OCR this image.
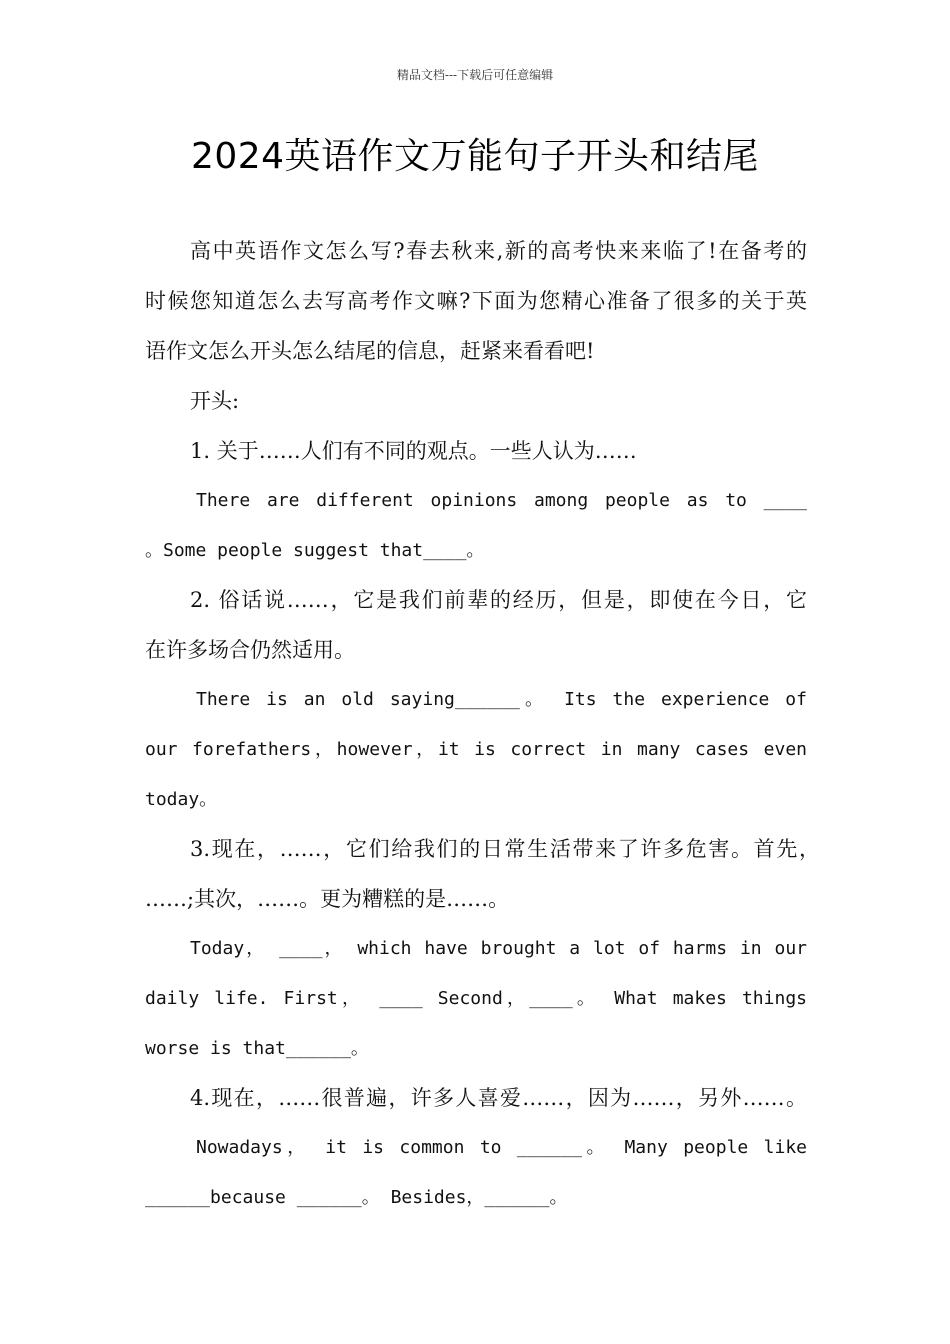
精品文档---下载后可任意编辑
2024英语作文万能句子开头和结尾
高中英语作文怎么写?春去秋来,新的高考快来来临了!在备考的
时候您知道怎么去写高考作文嘛?下面为您精心准备了很多的关于英
语作文怎么开头怎么结尾的信息，赶紧来看看吧!
开头:
1. 关于……人们有不同的观点。一些人认为……
There are different opinions among people as to ____
。Some people suggest that____。
2. 俗话说……，它是我们前辈的经历，但是，即使在今日，它
在许多场合仍然适用。
There is an old saying______。 Its the experience of
our forefathers，however，it is correct in many cases even
today。
3.现在，……，它们给我们的日常生活带来了许多危害。首先，
……;其次，……。更为糟糕的是……。
Today， ____， which have brought a lot of harms in our
daily life. First， ____ Second，____。 What makes things
worse is that______。
4.现在，……很普遍，许多人喜爱……，因为……，另外……。
Nowadays， it is common to ______。 Many people like
______because ______。 Besides，______。
